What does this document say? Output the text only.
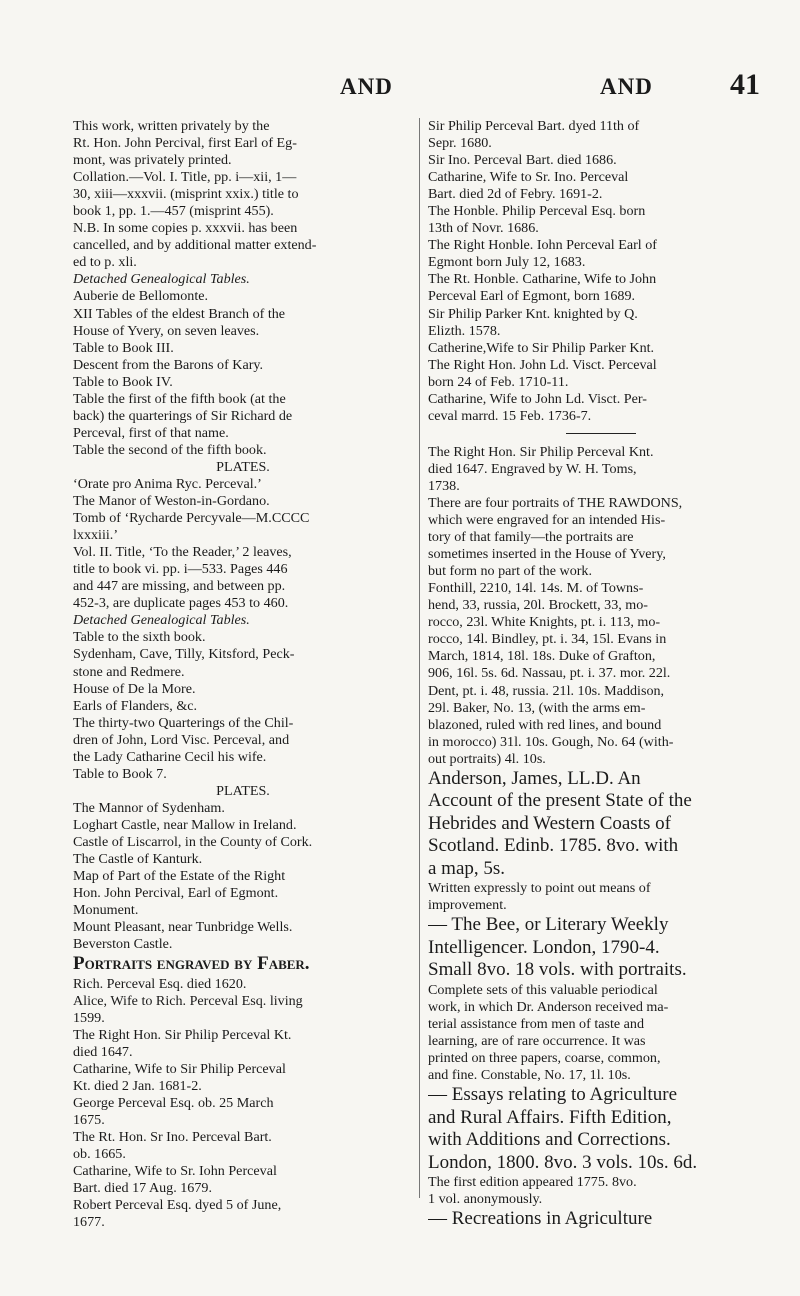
AND	AND	41
This work, written privately by the
Rt. Hon. John Percival, first Earl of Eg-
mont, was privately printed.
Collation.—Vol. I. Title, pp. i—xii, 1—
30, xiii—xxxvii. (misprint xxix.) title to
book 1, pp. 1.—457 (misprint 455).
N.B. In some copies p. xxxvii. has been
cancelled, and by additional matter extend-
ed to p. xli.
Detached Genealogical Tables.
Auberie de Bellomonte.
XII Tables of the eldest Branch of the
House of Yvery, on seven leaves.
Table to Book III.
Descent from the Barons of Kary.
Table to Book IV.
Table the first of the fifth book (at the
back) the quarterings of Sir Richard de
Perceval, first of that name.
Table the second of the fifth book.
PLATES.
‘Orate pro Anima Ryc. Perceval.’
The Manor of Weston-in-Gordano.
Tomb of ‘Rycharde Percyvale—M.CCCC
lxxxiii.’
Vol. II. Title, ‘To the Reader,’ 2 leaves,
title to book vi. pp. i—533. Pages 446
and 447 are missing, and between pp.
452-3, are duplicate pages 453 to 460.
Detached Genealogical Tables.
Table to the sixth book.
Sydenham, Cave, Tilly, Kitsford, Peck-
stone and Redmere.
House of De la More.
Earls of Flanders, &c.
The thirty-two Quarterings of the Chil-
dren of John, Lord Visc. Perceval, and
the Lady Catharine Cecil his wife.
Table to Book 7.
PLATES.
The Mannor of Sydenham.
Loghart Castle, near Mallow in Ireland.
Castle of Liscarrol, in the County of Cork.
The Castle of Kanturk.
Map of Part of the Estate of the Right
Hon. John Percival, Earl of Egmont.
Monument.
Mount Pleasant, near Tunbridge Wells.
Beverston Castle.
Portraits engraved by Faber.
Rich. Perceval Esq. died 1620.
Alice, Wife to Rich. Perceval Esq. living
1599.
The Right Hon. Sir Philip Perceval Kt.
died 1647.
Catharine, Wife to Sir Philip Perceval
Kt. died 2 Jan. 1681-2.
George Perceval Esq. ob. 25 March
1675.
The Rt. Hon. Sr Ino. Perceval Bart.
ob. 1665.
Catharine, Wife to Sr. Iohn Perceval
Bart. died 17 Aug. 1679.
Robert Perceval Esq. dyed 5 of June,
1677.
Sir Philip Perceval Bart. dyed 11th of
Sepr. 1680.
Sir Ino. Perceval Bart. died 1686.
Catharine, Wife to Sr. Ino. Perceval
Bart. died 2d of Febry. 1691-2.
The Honble. Philip Perceval Esq. born
13th of Novr. 1686.
The Right Honble. Iohn Perceval Earl of
Egmont born July 12, 1683.
The Rt. Honble. Catharine, Wife to John
Perceval Earl of Egmont, born 1689.
Sir Philip Parker Knt. knighted by Q.
Elizth. 1578.
Catherine,Wife to Sir Philip Parker Knt.
The Right Hon. John Ld. Visct. Perceval
born 24 of Feb. 1710-11.
Catharine, Wife to John Ld. Visct. Per-
ceval marrd. 15 Feb. 1736-7.
The Right Hon. Sir Philip Perceval Knt.
died 1647. Engraved by W. H. Toms,
1738.
There are four portraits of THE RAWDONS,
which were engraved for an intended His-
tory of that family—the portraits are
sometimes inserted in the House of Yvery,
but form no part of the work.
Fonthill, 2210, 14l. 14s. M. of Towns-
hend, 33, russia, 20l. Brockett, 33, mo-
rocco, 23l. White Knights, pt. i. 113, mo-
rocco, 14l. Bindley, pt. i. 34, 15l. Evans in
March, 1814, 18l. 18s. Duke of Grafton,
906, 16l. 5s. 6d. Nassau, pt. i. 37. mor. 22l.
Dent, pt. i. 48, russia. 21l. 10s. Maddison,
29l. Baker, No. 13, (with the arms em-
blazoned, ruled with red lines, and bound
in morocco) 31l. 10s. Gough, No. 64 (with-
out portraits) 4l. 10s.
Anderson, James, LL.D. An
Account of the present State of the
Hebrides and Western Coasts of
Scotland. Edinb. 1785. 8vo. with
a map, 5s.
Written expressly to point out means of
improvement.
— The Bee, or Literary Weekly
Intelligencer. London, 1790-4.
Small 8vo. 18 vols. with portraits.
Complete sets of this valuable periodical
work, in which Dr. Anderson received ma-
terial assistance from men of taste and
learning, are of rare occurrence. It was
printed on three papers, coarse, common,
and fine. Constable, No. 17, 1l. 10s.
— Essays relating to Agriculture
and Rural Affairs. Fifth Edition,
with Additions and Corrections.
London, 1800. 8vo. 3 vols. 10s. 6d.
The first edition appeared 1775. 8vo.
1 vol. anonymously.
— Recreations in Agriculture
